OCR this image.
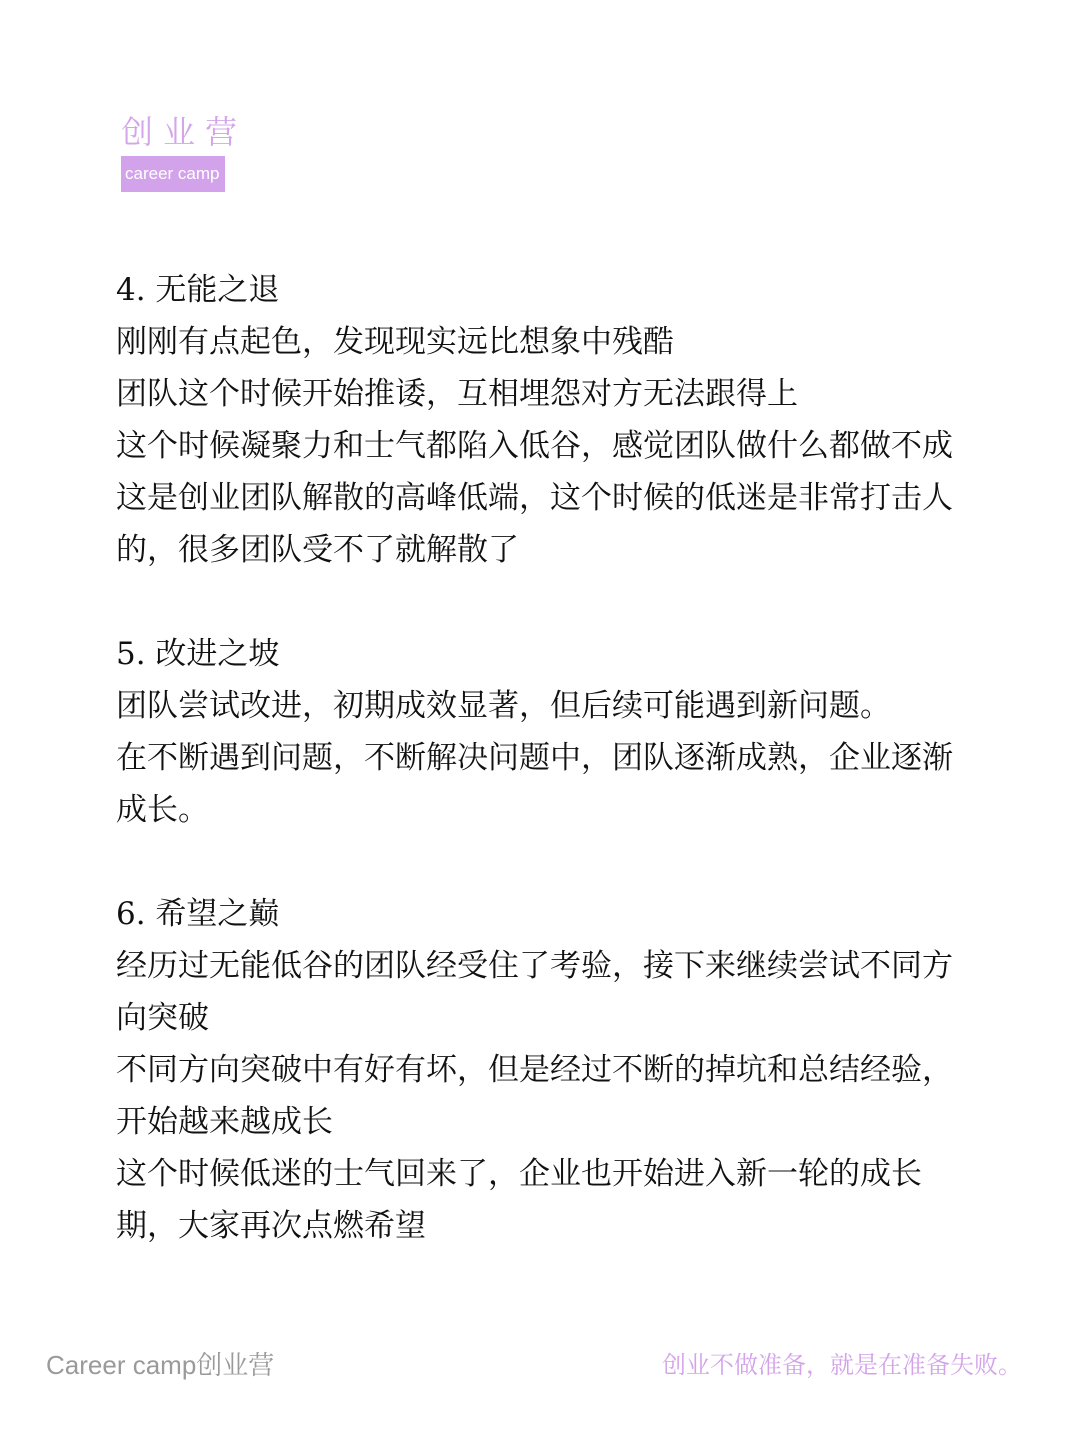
创业营
career camp
4. 无能之退
刚刚有点起色，发现现实远比想象中残酷
团队这个时候开始推诿，互相埋怨对方无法跟得上
这个时候凝聚力和士气都陷入低谷，感觉团队做什么都做不成
这是创业团队解散的高峰低端，这个时候的低迷是非常打击人
的，很多团队受不了就解散了
5. 改进之坡
团队尝试改进，初期成效显著，但后续可能遇到新问题。
在不断遇到问题，不断解决问题中，团队逐渐成熟，企业逐渐
成长。
6. 希望之巅
经历过无能低谷的团队经受住了考验，接下来继续尝试不同方
向突破
不同方向突破中有好有坏，但是经过不断的掉坑和总结经验，
开始越来越成长
这个时候低迷的士气回来了，企业也开始进入新一轮的成长
期，大家再次点燃希望
Career camp创业营	创业不做准备，就是在准备失败。
